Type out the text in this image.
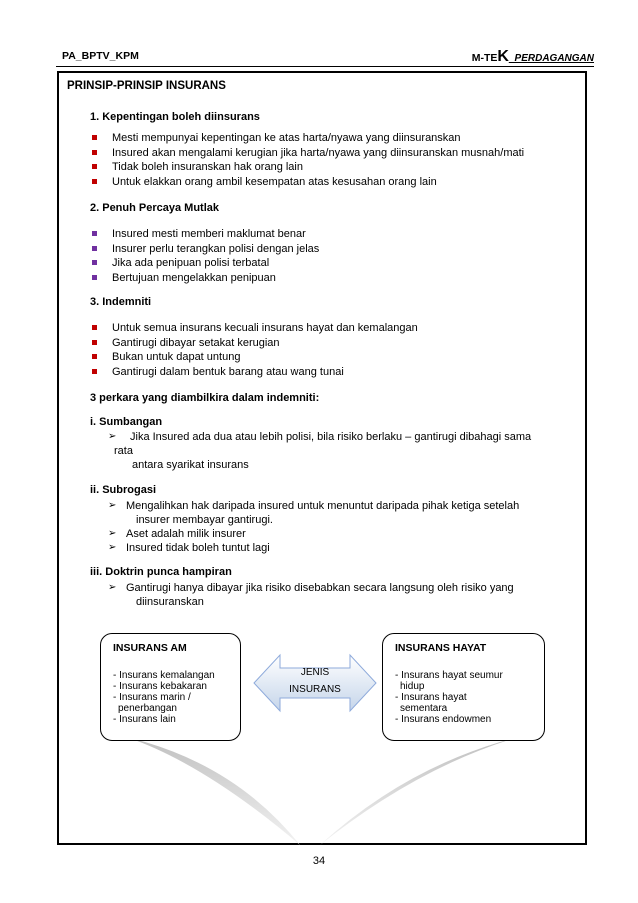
PA_BPTV_KPM	M-TEK_PERDAGANGAN
PRINSIP-PRINSIP INSURANS
1. Kepentingan boleh diinsurans
Mesti mempunyai kepentingan ke atas harta/nyawa yang diinsuranskan
Insured akan mengalami kerugian jika harta/nyawa yang diinsuranskan musnah/mati
Tidak boleh insuranskan hak orang lain
Untuk elakkan orang ambil kesempatan atas kesusahan orang lain
2. Penuh Percaya Mutlak
Insured mesti memberi maklumat benar
Insurer perlu terangkan polisi dengan jelas
Jika ada penipuan polisi terbatal
Bertujuan mengelakkan penipuan
3. Indemniti
Untuk semua insurans kecuali insurans hayat dan kemalangan
Gantirugi dibayar setakat kerugian
Bukan untuk dapat untung
Gantirugi dalam bentuk barang atau wang tunai
3 perkara yang diambilkira dalam indemniti:
i. Sumbangan
➢ Jika Insured ada dua atau lebih polisi, bila risiko berlaku – gantirugi dibahagi sama
rata
antara syarikat insurans
ii. Subrogasi
➢ Mengalihkan hak daripada insured untuk menuntut daripada pihak ketiga setelah
insurer membayar gantirugi.
➢ Aset adalah milik insurer
➢ Insured tidak boleh tuntut lagi
iii. Doktrin punca hampiran
➢ Gantirugi hanya dibayar jika risiko disebabkan secara langsung oleh risiko yang
diinsuranskan
INSURANS AM
- Insurans kemalangan
- Insurans kebakaran
- Insurans marin /
penerbangan
- Insurans lain
INSURANS HAYAT
- Insurans hayat seumur
hidup
- Insurans hayat
sementara
- Insurans endowmen
JENIS
INSURANS
34
